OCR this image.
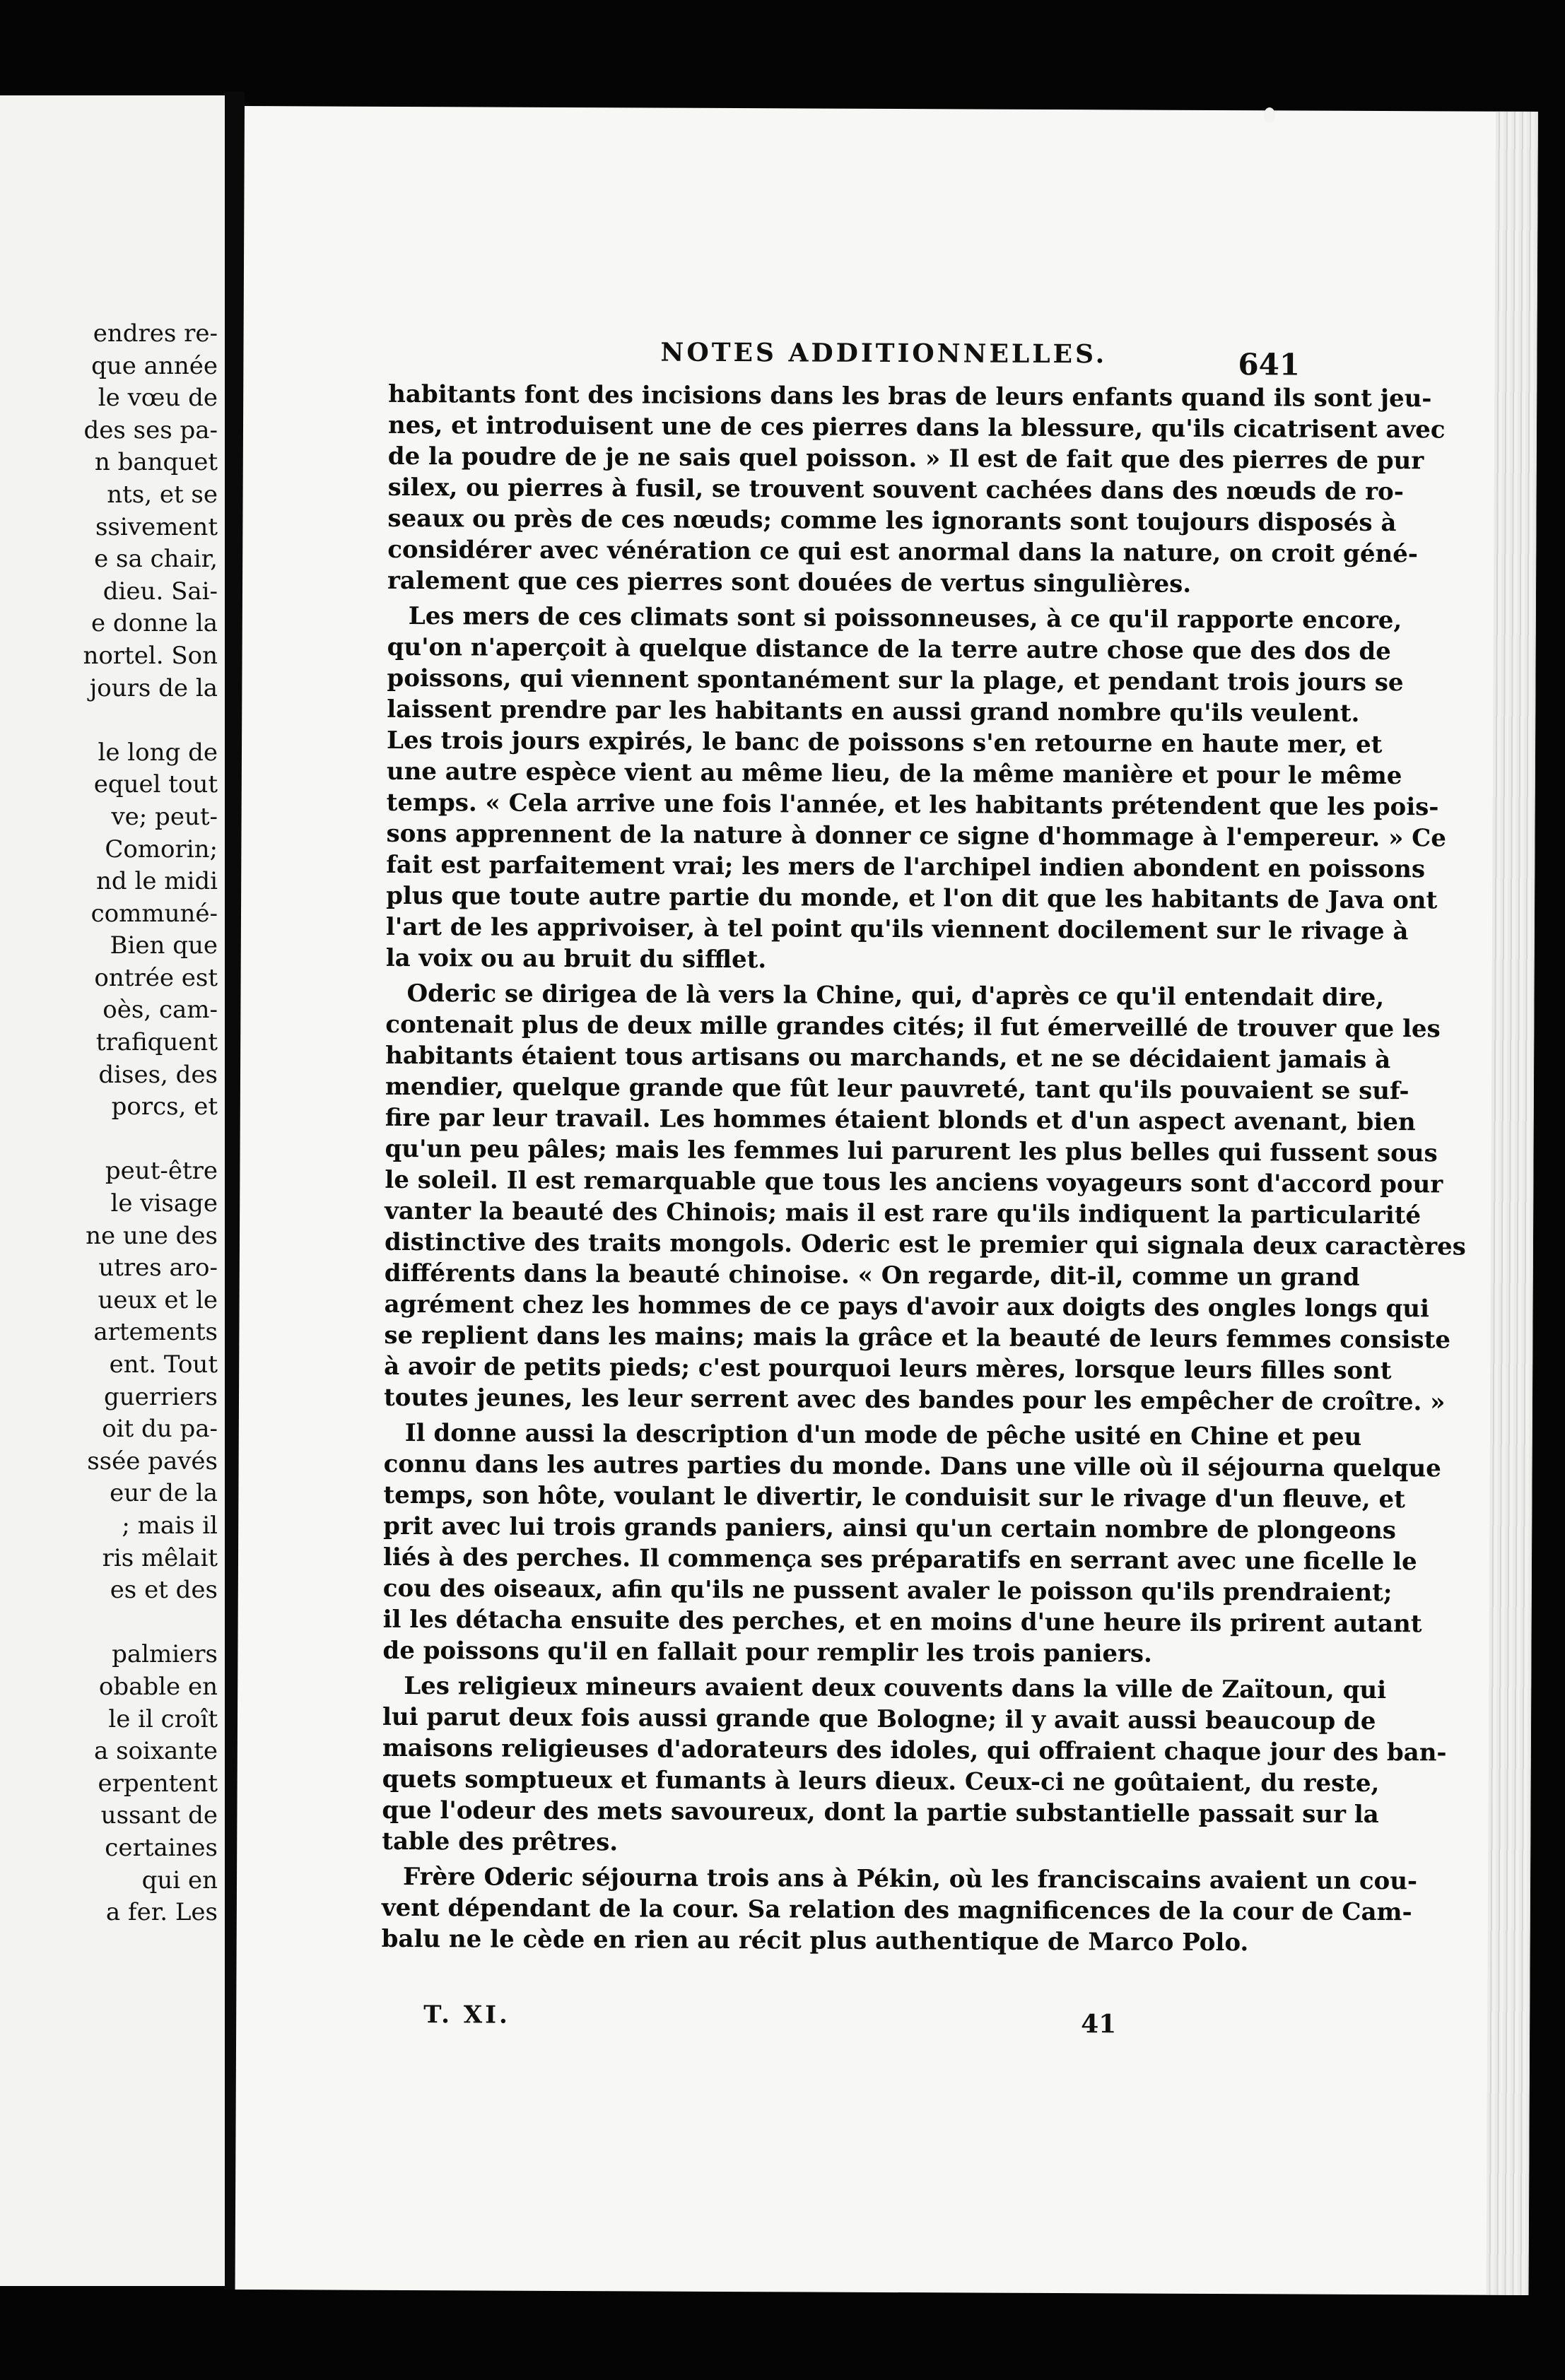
endres re-
que année
le vœu de
des ses pa-
n banquet
nts, et se
ssivement
e sa chair,
dieu. Sai-
e donne la
nortel. Son
jours de la
le long de
equel tout
ve; peut-
Comorin;
nd le midi
communé-
Bien que
ontrée est
oès, cam-
trafiquent
dises, des
porcs, et
peut-être
le visage
ne une des
utres aro-
ueux et le
artements
ent. Tout
guerriers
oit du pa-
ssée pavés
eur de la
; mais il
ris mêlait
es et des
palmiers
obable en
le il croît
a soixante
erpentent
ussant de
certaines
qui en
a fer. Les
NOTES ADDITIONNELLES.	641
habitants font des incisions dans les bras de leurs enfants quand ils sont jeu-
nes, et introduisent une de ces pierres dans la blessure, qu'ils cicatrisent avec
de la poudre de je ne sais quel poisson. » Il est de fait que des pierres de pur
silex, ou pierres à fusil, se trouvent souvent cachées dans des nœuds de ro-
seaux ou près de ces nœuds; comme les ignorants sont toujours disposés à
considérer avec vénération ce qui est anormal dans la nature, on croit géné-
ralement que ces pierres sont douées de vertus singulières.
Les mers de ces climats sont si poissonneuses, à ce qu'il rapporte encore,
qu'on n'aperçoit à quelque distance de la terre autre chose que des dos de
poissons, qui viennent spontanément sur la plage, et pendant trois jours se
laissent prendre par les habitants en aussi grand nombre qu'ils veulent.
Les trois jours expirés, le banc de poissons s'en retourne en haute mer, et
une autre espèce vient au même lieu, de la même manière et pour le même
temps. « Cela arrive une fois l'année, et les habitants prétendent que les pois-
sons apprennent de la nature à donner ce signe d'hommage à l'empereur. » Ce
fait est parfaitement vrai; les mers de l'archipel indien abondent en poissons
plus que toute autre partie du monde, et l'on dit que les habitants de Java ont
l'art de les apprivoiser, à tel point qu'ils viennent docilement sur le rivage à
la voix ou au bruit du sifflet.
Oderic se dirigea de là vers la Chine, qui, d'après ce qu'il entendait dire,
contenait plus de deux mille grandes cités; il fut émerveillé de trouver que les
habitants étaient tous artisans ou marchands, et ne se décidaient jamais à
mendier, quelque grande que fût leur pauvreté, tant qu'ils pouvaient se suf-
fire par leur travail. Les hommes étaient blonds et d'un aspect avenant, bien
qu'un peu pâles; mais les femmes lui parurent les plus belles qui fussent sous
le soleil. Il est remarquable que tous les anciens voyageurs sont d'accord pour
vanter la beauté des Chinois; mais il est rare qu'ils indiquent la particularité
distinctive des traits mongols. Oderic est le premier qui signala deux caractères
différents dans la beauté chinoise. « On regarde, dit-il, comme un grand
agrément chez les hommes de ce pays d'avoir aux doigts des ongles longs qui
se replient dans les mains; mais la grâce et la beauté de leurs femmes consiste
à avoir de petits pieds; c'est pourquoi leurs mères, lorsque leurs filles sont
toutes jeunes, les leur serrent avec des bandes pour les empêcher de croître. »
Il donne aussi la description d'un mode de pêche usité en Chine et peu
connu dans les autres parties du monde. Dans une ville où il séjourna quelque
temps, son hôte, voulant le divertir, le conduisit sur le rivage d'un fleuve, et
prit avec lui trois grands paniers, ainsi qu'un certain nombre de plongeons
liés à des perches. Il commença ses préparatifs en serrant avec une ficelle le
cou des oiseaux, afin qu'ils ne pussent avaler le poisson qu'ils prendraient;
il les détacha ensuite des perches, et en moins d'une heure ils prirent autant
de poissons qu'il en fallait pour remplir les trois paniers.
Les religieux mineurs avaient deux couvents dans la ville de Zaïtoun, qui
lui parut deux fois aussi grande que Bologne; il y avait aussi beaucoup de
maisons religieuses d'adorateurs des idoles, qui offraient chaque jour des ban-
quets somptueux et fumants à leurs dieux. Ceux-ci ne goûtaient, du reste,
que l'odeur des mets savoureux, dont la partie substantielle passait sur la
table des prêtres.
Frère Oderic séjourna trois ans à Pékin, où les franciscains avaient un cou-
vent dépendant de la cour. Sa relation des magnificences de la cour de Cam-
balu ne le cède en rien au récit plus authentique de Marco Polo.
T. XI.	41
